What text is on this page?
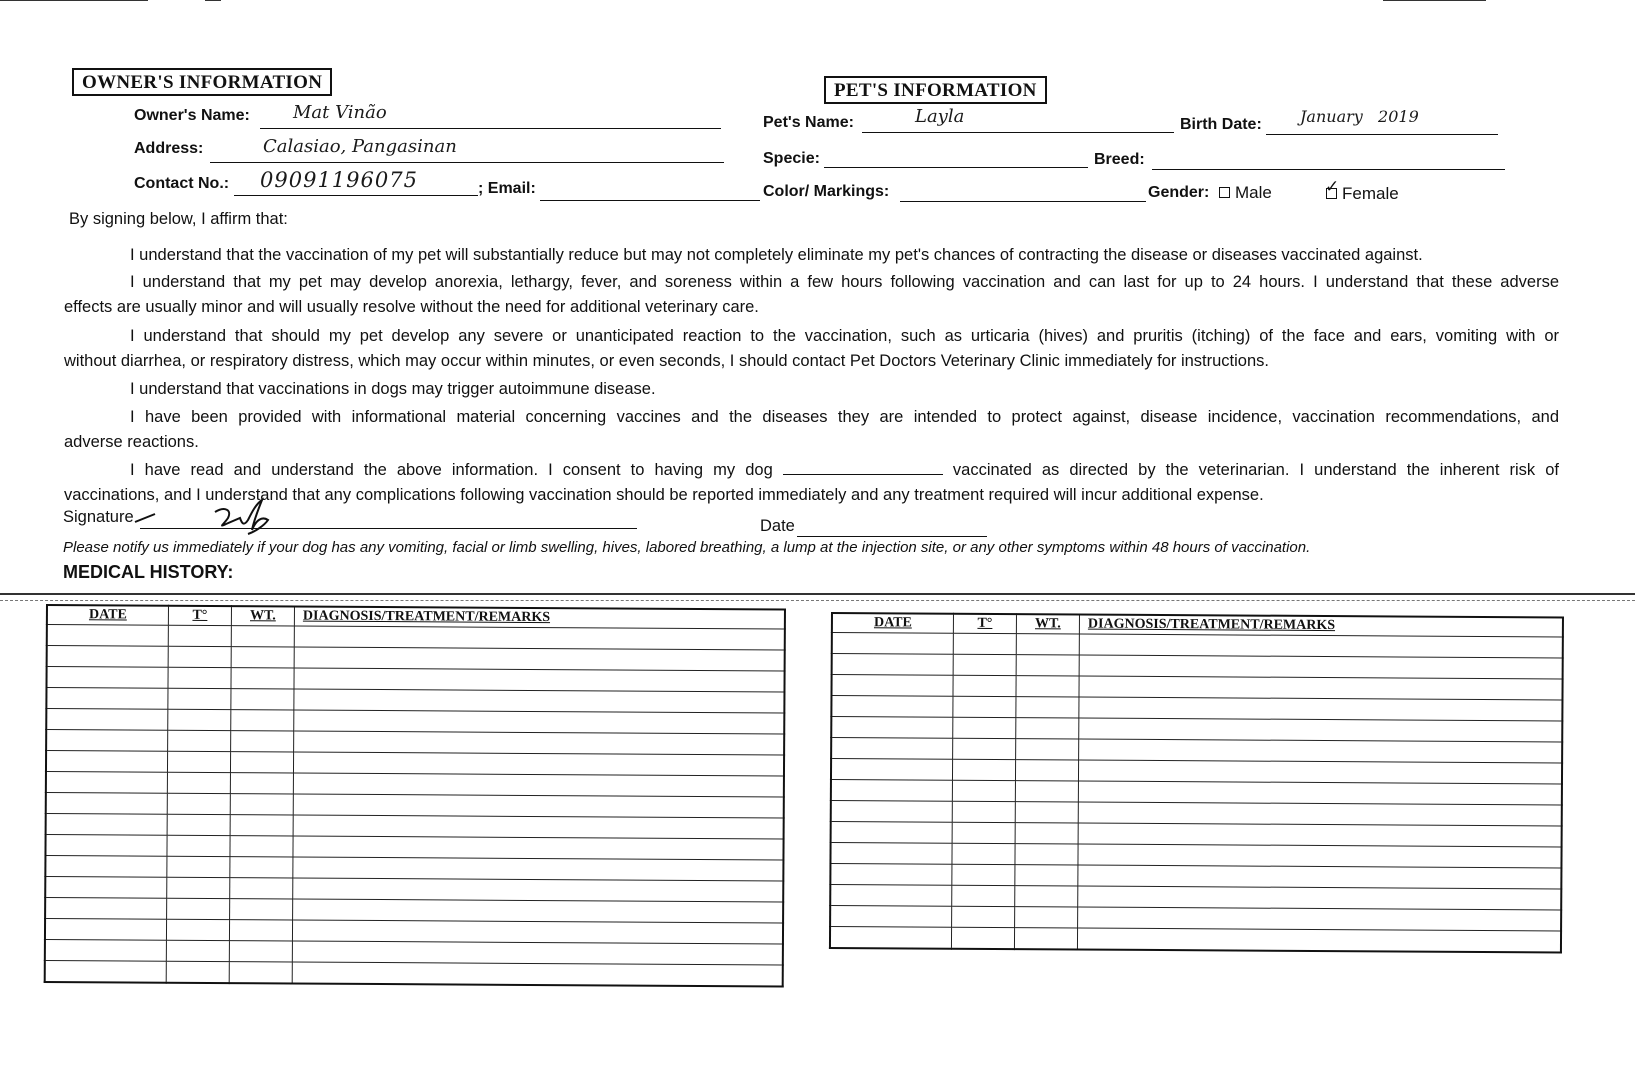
OWNER'S INFORMATION
Owner's Name: Mat Vinão
Address:	Calasiao, Pangasinan
Contact No.: 09091196075	; Email:
PET'S INFORMATION
Pet's Name:	Layla	Birth Date: January   2019
Specie:	Breed:
Color/ Markings:	Gender:	Male	✓ Female
By signing below, I affirm that:
I understand that the vaccination of my pet will substantially reduce but may not completely eliminate my pet's chances of contracting the disease or diseases vaccinated against.
I understand that my pet may develop anorexia, lethargy, fever, and soreness within a few hours following vaccination and can last for up to 24 hours. I understand that these adverse
effects are usually minor and will usually resolve without the need for additional veterinary care.
I understand that should my pet develop any severe or unanticipated reaction to the vaccination, such as urticaria (hives) and pruritis (itching) of the face and ears, vomiting with or
without diarrhea, or respiratory distress, which may occur within minutes, or even seconds, I should contact Pet Doctors Veterinary Clinic immediately for instructions.
I understand that vaccinations in dogs may trigger autoimmune disease.
I have been provided with informational material concerning vaccines and the diseases they are intended to protect against, disease incidence, vaccination recommendations, and
adverse reactions.
I have read and understand the above information. I consent to having my dog	vaccinated as directed by the veterinarian. I understand the inherent risk of
vaccinations, and I understand that any complications following vaccination should be reported immediately and any treatment required will incur additional expense.
Signature	Date
Please notify us immediately if your dog has any vomiting, facial or limb swelling, hives, labored breathing, a lump at the injection site, or any other symptoms within 48 hours of vaccination.
MEDICAL HISTORY:
DATE	T°	WT.	DIAGNOSIS/TREATMENT/REMARKS

				DATE	T°	WT.	DIAGNOSIS/TREATMENT/REMARKS
